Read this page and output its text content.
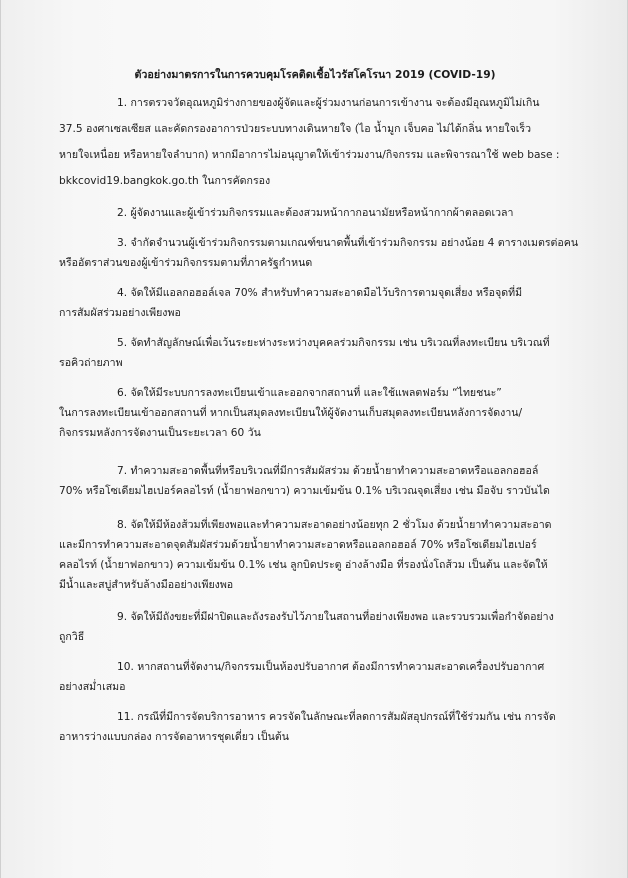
ตัวอย่างมาตรการในการควบคุมโรคติดเชื้อไวรัสโคโรนา 2019 (COVID-19)
1. การตรวจวัดอุณหภูมิร่างกายของผู้จัดและผู้ร่วมงานก่อนการเข้างาน จะต้องมีอุณหภูมิไม่เกิน
37.5 องศาเซลเซียส และคัดกรองอาการป่วยระบบทางเดินหายใจ (ไอ น้ำมูก เจ็บคอ ไม่ได้กลิ่น หายใจเร็ว
หายใจเหนื่อย หรือหายใจลำบาก) หากมีอาการไม่อนุญาตให้เข้าร่วมงาน/กิจกรรม และพิจารณาใช้ web base :
bkkcovid19.bangkok.go.th ในการคัดกรอง
2. ผู้จัดงานและผู้เข้าร่วมกิจกรรมและต้องสวมหน้ากากอนามัยหรือหน้ากากผ้าตลอดเวลา
3. จำกัดจำนวนผู้เข้าร่วมกิจกรรมตามเกณฑ์ขนาดพื้นที่เข้าร่วมกิจกรรม อย่างน้อย 4 ตารางเมตรต่อคน
หรืออัตราส่วนของผู้เข้าร่วมกิจกรรมตามที่ภาครัฐกำหนด
4. จัดให้มีแอลกอฮอล์เจล 70% สำหรับทำความสะอาดมือไว้บริการตามจุดเสี่ยง หรือจุดที่มี
การสัมผัสร่วมอย่างเพียงพอ
5. จัดทำสัญลักษณ์เพื่อเว้นระยะห่างระหว่างบุคคลร่วมกิจกรรม เช่น บริเวณที่ลงทะเบียน บริเวณที่
รอคิวถ่ายภาพ
6. จัดให้มีระบบการลงทะเบียนเข้าและออกจากสถานที่ และใช้แพลตฟอร์ม “ไทยชนะ”
ในการลงทะเบียนเข้าออกสถานที่ หากเป็นสมุดลงทะเบียนให้ผู้จัดงานเก็บสมุดลงทะเบียนหลังการจัดงาน/
กิจกรรมหลังการจัดงานเป็นระยะเวลา 60 วัน
7. ทำความสะอาดพื้นที่หรือบริเวณที่มีการสัมผัสร่วม ด้วยน้ำยาทำความสะอาดหรือแอลกอฮอล์
70% หรือโซเดียมไฮเปอร์คลอไรท์ (น้ำยาฟอกขาว) ความเข้มข้น 0.1% บริเวณจุดเสี่ยง เช่น มือจับ ราวบันได
8. จัดให้มีห้องส้วมที่เพียงพอและทำความสะอาดอย่างน้อยทุก 2 ชั่วโมง ด้วยน้ำยาทำความสะอาด
และมีการทำความสะอาดจุดสัมผัสร่วมด้วยน้ำยาทำความสะอาดหรือแอลกอฮอล์ 70% หรือโซเดียมไฮเปอร์
คลอไรท์ (น้ำยาฟอกขาว) ความเข้มข้น 0.1% เช่น ลูกบิดประตู อ่างล้างมือ ที่รองนั่งโถส้วม เป็นต้น และจัดให้
มีน้ำและสบู่สำหรับล้างมืออย่างเพียงพอ
9. จัดให้มีถังขยะที่มีฝาปิดและถังรองรับไว้ภายในสถานที่อย่างเพียงพอ และรวบรวมเพื่อกำจัดอย่าง
ถูกวิธี
10. หากสถานที่จัดงาน/กิจกรรมเป็นห้องปรับอากาศ ต้องมีการทำความสะอาดเครื่องปรับอากาศ
อย่างสม่ำเสมอ
11. กรณีที่มีการจัดบริการอาหาร ควรจัดในลักษณะที่ลดการสัมผัสอุปกรณ์ที่ใช้ร่วมกัน เช่น การจัด
อาหารว่างแบบกล่อง การจัดอาหารชุดเดี่ยว เป็นต้น
